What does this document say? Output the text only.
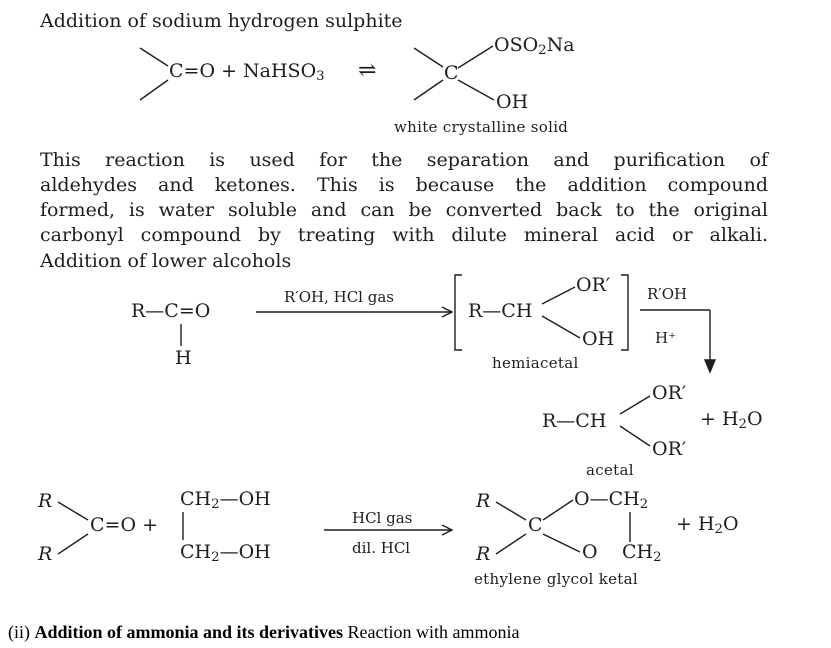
Addition of sodium hydrogen sulphite
C=O + NaHSO$_3$ ⇌	C
$OSO_2Na$
OH
white crystalline solid
This reaction is used for the separation and purification of
aldehydes and ketones. This is because the addition compound
formed, is water soluble and can be converted back to the original
carbonyl compound by treating with dilute mineral acid or alkali.
Addition of lower alcohols
R—C=O
H
R′OH, HCl gas
R—CH
OR′
OH
hemiacetal
R′OH
H⁺
R—CH
OR′
OR′
+ $H_2O$
acetal
R
R
C=O +
$CH_2—OH$
$CH_2—OH$
HCl gas
dil. HCl
R
R
C
$O—CH_2$
O $CH_2$
+ $H_2O$
ethylene glycol ketal
(ii) Addition of ammonia and its derivatives Reaction with ammonia
